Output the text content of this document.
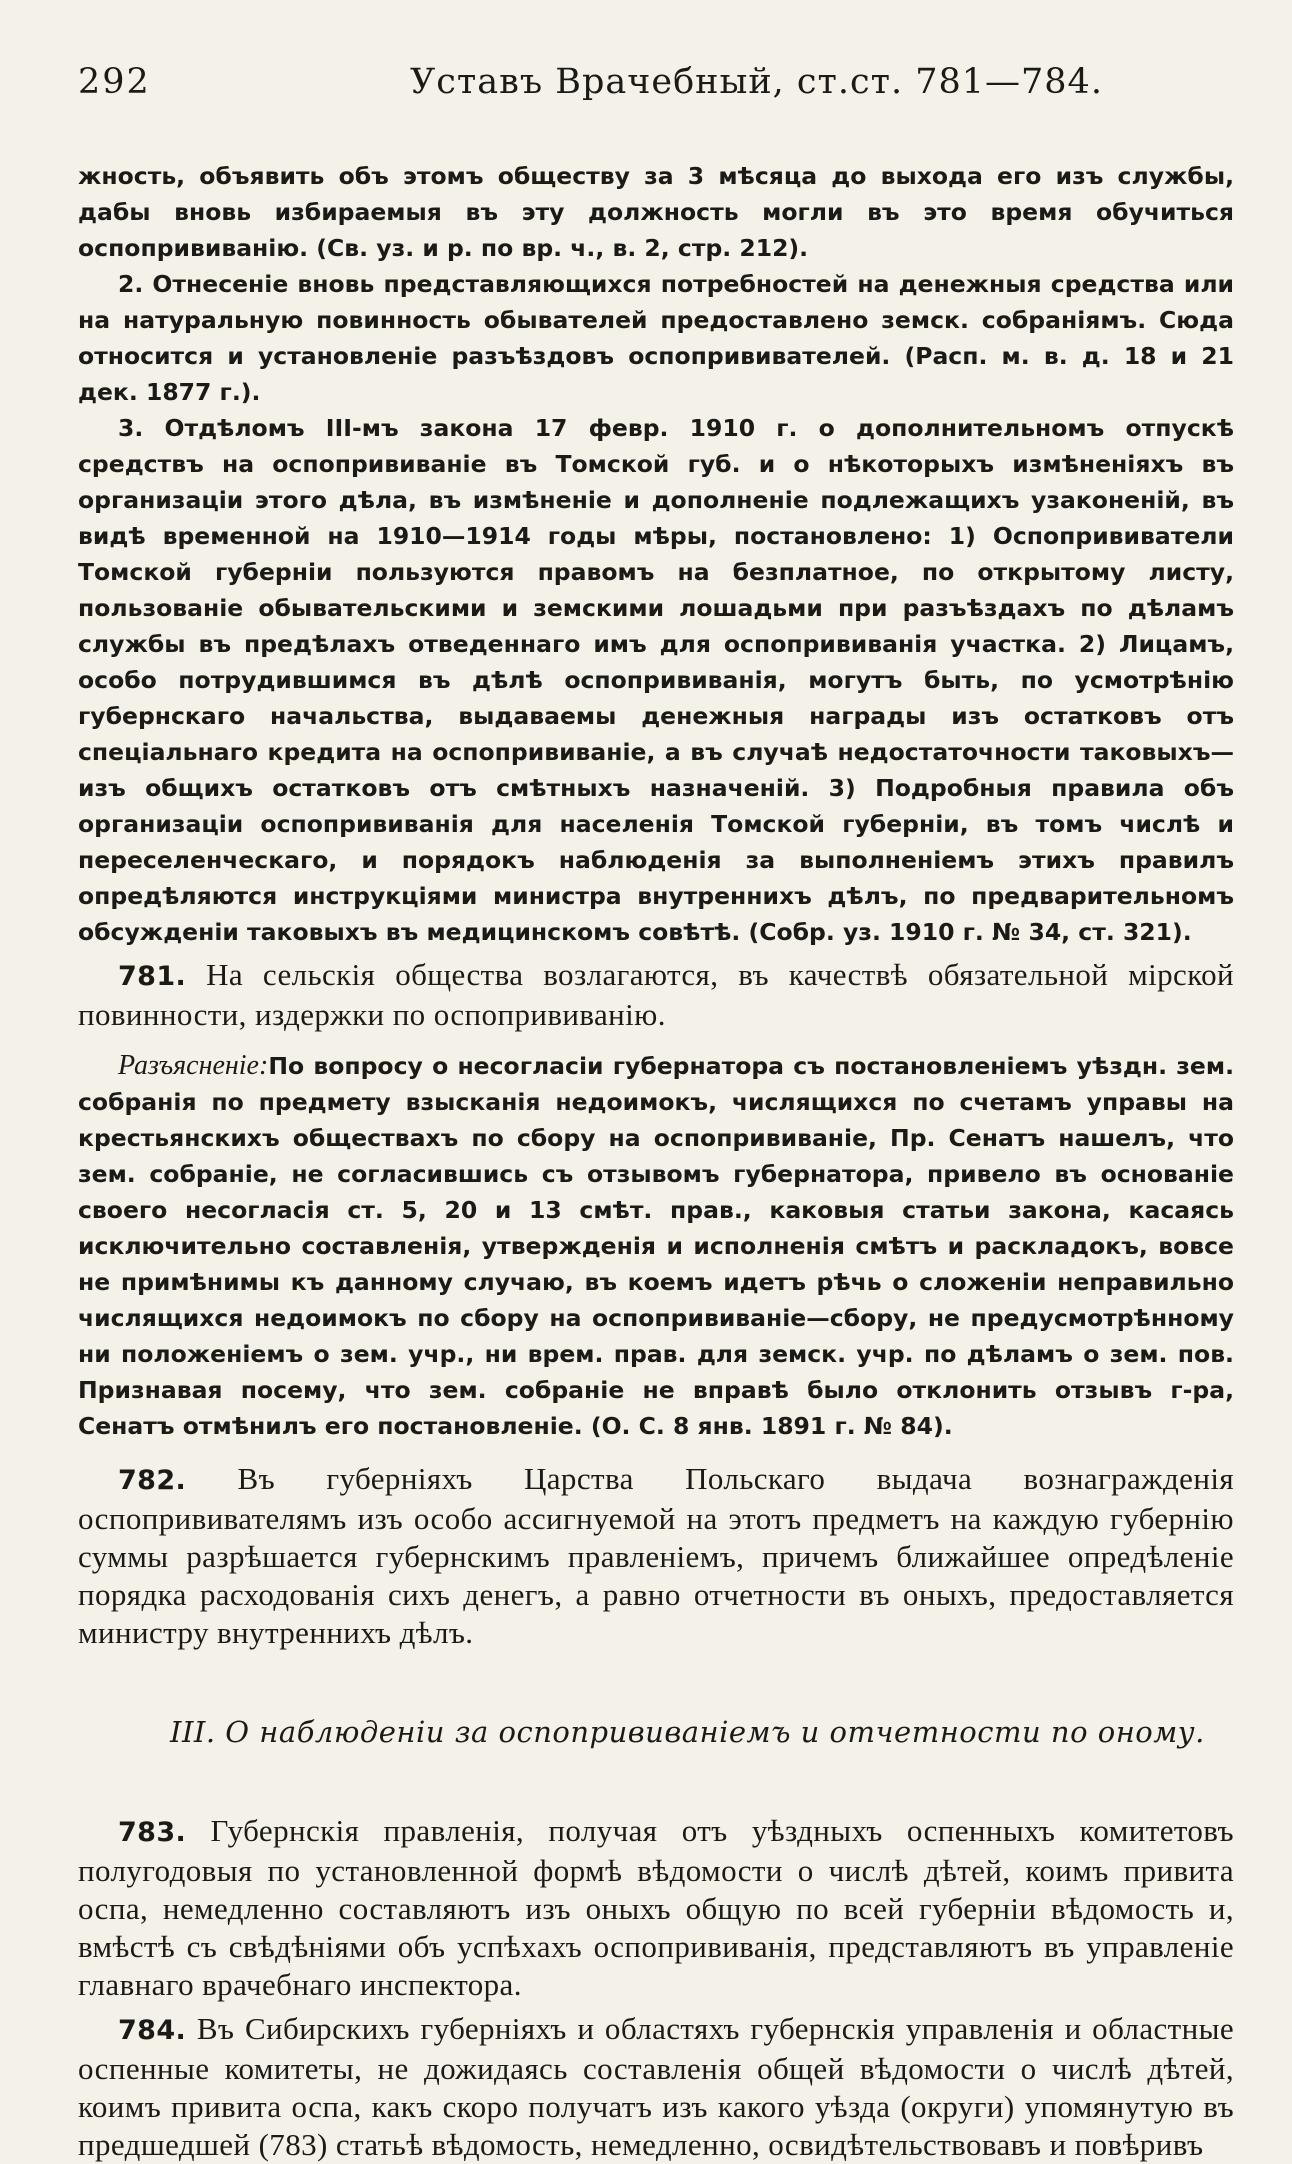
292	Уставъ Врачебный, ст.ст. 781—784.

жность, объявить объ этомъ обществу за 3 мѣсяца до выхода его изъ службы, дабы вновь избираемыя въ эту должность могли въ это время обучиться оспопрививанію. (Св. уз. и р. по вр. ч., в. 2, стр. 212).

2. Отнесеніе вновь представляющихся потребностей на денежныя средства или на натуральную повинность обывателей предоставлено земск. собраніямъ. Сюда относится и установленіе разъѣздовъ оспопрививателей. (Расп. м. в. д. 18 и 21 дек. 1877 г.).

3. Отдѣломъ III-мъ закона 17 февр. 1910 г. о дополнительномъ отпускѣ средствъ на оспопрививаніе въ Томской губ. и о нѣкоторыхъ измѣненіяхъ въ организаціи этого дѣла, въ измѣненіе и дополненіе подлежащихъ узаконеній, въ видѣ временной на 1910—1914 годы мѣры, постановлено: 1) Оспопрививатели Томской губерніи пользуются правомъ на безплатное, по открытому листу, пользованіе обывательскими и земскими лошадьми при разъѣздахъ по дѣламъ службы въ предѣлахъ отведеннаго имъ для оспопрививанія участка. 2) Лицамъ, особо потрудившимся въ дѣлѣ оспопрививанія, могутъ быть, по усмотрѣнію губернскаго начальства, выдаваемы денежныя награды изъ остатковъ отъ спеціальнаго кредита на оспопрививаніе, а въ случаѣ недостаточности таковыхъ—изъ общихъ остатковъ отъ смѣтныхъ назначеній. 3) Подробныя правила объ организаціи оспопрививанія для населенія Томской губерніи, въ томъ числѣ и переселенческаго, и порядокъ наблюденія за выполненіемъ этихъ правилъ опредѣляются инструкціями министра внутреннихъ дѣлъ, по предварительномъ обсужденіи таковыхъ въ медицинскомъ совѣтѣ. (Собр. уз. 1910 г. № 34, ст. 321).

781. На сельскія общества возлагаются, въ качествѣ обязательной мірской повинности, издержки по оспопрививанію.

Разъясненіе:По вопросу о несогласіи губернатора съ постановленіемъ уѣздн. зем. собранія по предмету взысканія недоимокъ, числящихся по счетамъ управы на крестьянскихъ обществахъ по сбору на оспопрививаніе, Пр. Сенатъ нашелъ, что зем. собраніе, не согласившись съ отзывомъ губернатора, привело въ основаніе своего несогласія ст. 5, 20 и 13 смѣт. прав., каковыя статьи закона, касаясь исключительно составленія, утвержденія и исполненія смѣтъ и раскладокъ, вовсе не примѣнимы къ данному случаю, въ коемъ идетъ рѣчь о сложеніи неправильно числящихся недоимокъ по сбору на оспопрививаніе—сбору, не предусмотрѣнному ни положеніемъ о зем. учр., ни врем. прав. для земск. учр. по дѣламъ о зем. пов. Признавая посему, что зем. собраніе не вправѣ было отклонить отзывъ г-ра, Сенатъ отмѣнилъ его постановленіе. (О. С. 8 янв. 1891 г. № 84).

782. Въ губерніяхъ Царства Польскаго выдача вознагражденія оспопрививателямъ изъ особо ассигнуемой на этотъ предметъ на каждую губернію суммы разрѣшается губернскимъ правленіемъ, причемъ ближайшее опредѣленіе порядка расходованія сихъ денегъ, а равно отчетности въ оныхъ, предоставляется министру внутреннихъ дѣлъ.

III. О наблюденіи за оспопрививаніемъ и отчетности по оному.

783. Губернскія правленія, получая отъ уѣздныхъ оспенныхъ комитетовъ полугодовыя по установленной формѣ вѣдомости о числѣ дѣтей, коимъ привита оспа, немедленно составляютъ изъ оныхъ общую по всей губерніи вѣдомость и, вмѣстѣ съ свѣдѣніями объ успѣхахъ оспопрививанія, представляютъ въ управленіе главнаго врачебнаго инспектора.

784. Въ Сибирскихъ губерніяхъ и областяхъ губернскія управленія и областные оспенные комитеты, не дожидаясь составленія общей вѣдомости о числѣ дѣтей, коимъ привита оспа, какъ скоро получатъ изъ какого уѣзда (округи) упомянутую въ предшедшей (783) статьѣ вѣдомость, немедленно, освидѣтельствовавъ и повѣривъ
